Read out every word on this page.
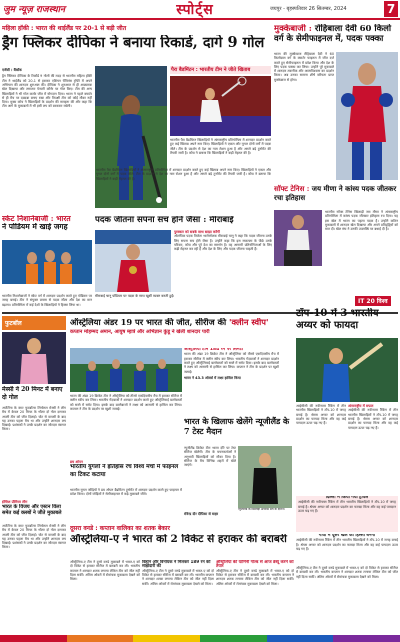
जुम न्यूज़ राजस्थान	स्पोर्ट्स	जयपुर - बृहस्पतिवार 26 सितम्बर, 2024	7
महिला हॉकी : भारत की थाईलैंड पर 20-1 से बड़ी जीत
ड्रैग फ्लिकर दीपिका ने बनाया रिकार्ड, दागे 9 गोल
एजेंसी । बैंकॉक
ड्रैग फ्लिकर दीपिका के रिकॉर्ड 9 गोलों की मदद से भारतीय महिला हॉकी टीम ने थाईलैंड को 20-1 से हराकर एशियन चैंपियंस ट्रॉफी में अपने अभियान की शानदार शुरुआत की। दीपिका ने शुरुआत से ही आक्रामक खेल दिखाया और लगातार पेनल्टी कॉर्नर पर गोल किए। टीम की अन्य खिलाड़ियों ने भी गोल करके जीत में योगदान दिया। भारत ने पहले क्वार्टर से ही मैच पर दबदबा बनाए रखा और विपक्षी टीम को कोई मौका नहीं दिया। मुख्य कोच ने खिलाड़ियों के प्रदर्शन की सराहना की और कहा कि टीम आगे के मुकाबलों में भी इसी लय को बरकरार रखेगी।
पैरा बैडमिंटन : भारतीय टीम ने जीते खिताब
भारतीय पैरा बैडमिंटन खिलाड़ियों ने अंतरराष्ट्रीय प्रतियोगिता में शानदार प्रदर्शन करते हुए कई खिताब अपने नाम किए। खिलाड़ियों ने एकल और युगल दोनों वर्गों में पदक जीते। टीम के प्रदर्शन से देश का नाम रोशन हुआ है और अगले बड़े टूर्नामेंट की तैयारी जारी है। कोच ने बताया कि खिलाड़ियों ने कड़ी मेहनत की है।
भारतीय पैरा बैडमिंटन खिलाड़ियों ने अंतरराष्ट्रीय प्रतियोगिता में शानदार प्रदर्शन करते हुए कई खिताब अपने नाम किए। खिलाड़ियों ने एकल और युगल दोनों वर्गों में पदक जीते। टीम के प्रदर्शन से देश का नाम रोशन हुआ है और अगले बड़े टूर्नामेंट की तैयारी जारी है। कोच ने बताया कि खिलाड़ियों ने कड़ी मेहनत की है।
मुक्केबाजी : रोहिबाला देवी 60 किलो वर्ग के सेमीफाइनल में, पदक पक्का
भारत की मुक्केबाज रोहिबाला देवी ने 60 किलोग्राम वर्ग के क्वार्टर फाइनल में जीत दर्ज करते हुए सेमीफाइनल में प्रवेश किया और देश के लिए पदक पक्का कर लिया। उन्होंने पूरे मुकाबले में शानदार तकनीक और आत्मविश्वास का प्रदर्शन किया। अब उनका सामना शीर्ष वरीयता प्राप्त मुक्केबाज से होगा।
सॉफ्ट टेनिस : जय मीणा ने कांस्य पदक जीतकर रचा इतिहास
भारतीय सॉफ्ट टेनिस खिलाड़ी जय मीणा ने अंतरराष्ट्रीय प्रतियोगिता में कांस्य पदक जीतकर इतिहास रच दिया। यह इस खेल में भारत का पहला पदक है। उन्होंने कठिन मुकाबलों में शानदार खेल दिखाया और अपने प्रतिद्वंद्वियों को मात दी। खेल संघ ने उनकी उपलब्धि पर बधाई दी है।
स्केट निशानेबाजी : भारत
ने पोडियम में खाई जगह
भारतीय निशानेबाजों ने स्केट वर्ग में शानदार प्रदर्शन करते हुए पोडियम पर जगह बनाई। टीम ने संयुक्त प्रयास से पदक जीता और देश का मान बढ़ाया। प्रतियोगिता में कई देशों के खिलाड़ियों ने हिस्सा लिया था।
पदक जीतना सपना सच होने जैसा : मीराबाई
पुरस्कार को सबके साथ साझा करेंगी
ओलंपिक पदक विजेता भारोत्तोलक मीराबाई चानू ने कहा कि पदक जीतना उनके लिए सपना सच होने जैसा है। उन्होंने कहा कि इस सफलता के पीछे उनके परिवार, कोच और पूरे देश का समर्थन है। वह आगामी प्रतियोगिताओं के लिए कड़ी मेहनत कर रही हैं और देश के लिए और पदक जीतना चाहती हैं।
मीराबाई चानू पोडियम पर पदक के साथ खुशी व्यक्त करती हुईं।
ऑस्ट्रेलिया अंडर 19 पर भारत की जीत, सीरीज की 'क्लीन स्वीप'
कप्तान मोहम्मद अमान, आयुष म्हात्रे और अभिज्ञान कुंडू ने खेली शानदार पारी
ऑस्ट्रेलिया टीम 184 रन पर सिमटी
भारत की अंडर 19 क्रिकेट टीम ने ऑस्ट्रेलिया को तीसरे एकदिवसीय मैच में हराकर सीरीज में क्लीन स्वीप कर लिया। भारतीय गेंदबाजों ने शानदार प्रदर्शन करते हुए ऑस्ट्रेलियाई बल्लेबाजों को सस्ते में समेट दिया। इसके बाद बल्लेबाजों ने लक्ष्य को आसानी से हासिल कर लिया। कप्तान ने टीम के प्रदर्शन पर खुशी जताई।
भारत ने 43.3 ओवर्स में लक्ष्य हासिल किया
भारत की अंडर 19 क्रिकेट टीम ने ऑस्ट्रेलिया को तीसरे एकदिवसीय मैच में हराकर सीरीज में क्लीन स्वीप कर लिया। भारतीय गेंदबाजों ने शानदार प्रदर्शन करते हुए ऑस्ट्रेलियाई बल्लेबाजों को सस्ते में समेट दिया। इसके बाद बल्लेबाजों ने लक्ष्य को आसानी से हासिल कर लिया। कप्तान ने टीम के प्रदर्शन पर खुशी जताई।
फुटबॉल
मेस्सी ने 20 मिनट में बनाए दो गोल
अर्जेंटीना के स्टार फुटबॉलर लियोनल मेस्सी ने लीग मैच में केवल 20 मिनट के भीतर दो गोल दागकर अपनी टीम को जीत दिलाई। चोट से वापसी के बाद यह उनका पहला मैच था और उन्होंने शानदार लय दिखाई। प्रशंसकों ने उनके प्रदर्शन का जोरदार स्वागत किया।
इंग्लिश प्रीमियर लीग
भारत के विजय और एस्टन विला समेत कई क्लबों ने जीते मुकाबले
अर्जेंटीना के स्टार फुटबॉलर लियोनल मेस्सी ने लीग मैच में केवल 20 मिनट के भीतर दो गोल दागकर अपनी टीम को जीत दिलाई। चोट से वापसी के बाद यह उनका पहला मैच था और उन्होंने शानदार लय दिखाई। प्रशंसकों ने उनके प्रदर्शन का जोरदार स्वागत किया।
डच ओपन
भारतीय युगलों ने इतिहास रच विश्व मंचों में फाइनल का टिकट कटाया
भारतीय युगल जोड़ियों ने डच ओपन बैडमिंटन टूर्नामेंट में शानदार प्रदर्शन करते हुए फाइनल में प्रवेश किया। दोनों जोड़ियों ने सेमीफाइनल में कड़े मुकाबले जीते।
भारत के खिलाफ खेलेंगे न्यूजीलैंड के 7 टेस्ट मैदान
न्यूजीलैंड क्रिकेट टीम भारत दौरे पर टेस्ट सीरीज खेलेगी। टीम के चयनकर्ताओं ने अनुभवी खिलाड़ियों को मौका दिया है। सीरीज के मैच विभिन्न शहरों में खेले जाएंगे।
न्यूजीलैंड के खिलाड़ी अभ्यास सत्र के दौरान।
रविन्द्र दौर दीपिका से बाहर
IT 20 विश्व
टॉप-10 में 3 भारतीय अय्यर को फायदा
आईसीसी की नवीनतम रैंकिंग में तीन भारतीय खिलाड़ियों ने टॉप-10 में जगह बनाई है। श्रेयस अय्यर को शानदार प्रदर्शन का फायदा मिला और वह कई पायदान ऊपर चढ़ गए हैं।
अंतरराष्ट्रीय में सफल
आईसीसी की नवीनतम रैंकिंग में तीन भारतीय खिलाड़ियों ने टॉप-10 में जगह बनाई है। श्रेयस अय्यर को शानदार प्रदर्शन का फायदा मिला और वह कई पायदान ऊपर चढ़ गए हैं।
दिल्ली में किया गया ट्रायल
आईसीसी की नवीनतम रैंकिंग में तीन भारतीय खिलाड़ियों ने टॉप-10 में जगह बनाई है। श्रेयस अय्यर को शानदार प्रदर्शन का फायदा मिला और वह कई पायदान ऊपर चढ़ गए हैं।
गावों में दूसरे खेल का हिस्सा बनेगा
आईसीसी की नवीनतम रैंकिंग में तीन भारतीय खिलाड़ियों ने टॉप-10 में जगह बनाई है। श्रेयस अय्यर को शानदार प्रदर्शन का फायदा मिला और वह कई पायदान ऊपर चढ़ गए हैं।
दूसरा वनडे : कप्तान वालिका का शतक बेकार
ऑस्ट्रेलिया-ए ने भारत को 2 विकेट से हराकर की बराबरी
ऑस्ट्रेलिया-ए टीम ने दूसरे वनडे मुकाबले में भारत-ए को दो विकेट से हराकर सीरीज में बराबरी कर ली। भारतीय कप्तान ने शानदार शतक लगाया लेकिन टीम को जीत नहीं दिला सकीं। अंतिम ओवरों में रोमांचक मुकाबला देखने को मिला।
विहान और विनायक ने मिलकर 189 रन की साझेदारी की
ऑस्ट्रेलिया-ए टीम ने दूसरे वनडे मुकाबले में भारत-ए को दो विकेट से हराकर सीरीज में बराबरी कर ली। भारतीय कप्तान ने शानदार शतक लगाया लेकिन टीम को जीत नहीं दिला सकीं। अंतिम ओवरों में रोमांचक मुकाबला देखने को मिला।
ऑस्ट्रेलिया की यामिनी गोल्ड से आज डेब्यू करने को तैयार
ऑस्ट्रेलिया-ए टीम ने दूसरे वनडे मुकाबले में भारत-ए को दो विकेट से हराकर सीरीज में बराबरी कर ली। भारतीय कप्तान ने शानदार शतक लगाया लेकिन टीम को जीत नहीं दिला सकीं। अंतिम ओवरों में रोमांचक मुकाबला देखने को मिला।
ऑस्ट्रेलिया-ए टीम ने दूसरे वनडे मुकाबले में भारत-ए को दो विकेट से हराकर सीरीज में बराबरी कर ली। भारतीय कप्तान ने शानदार शतक लगाया लेकिन टीम को जीत नहीं दिला सकीं। अंतिम ओवरों में रोमांचक मुकाबला देखने को मिला।
